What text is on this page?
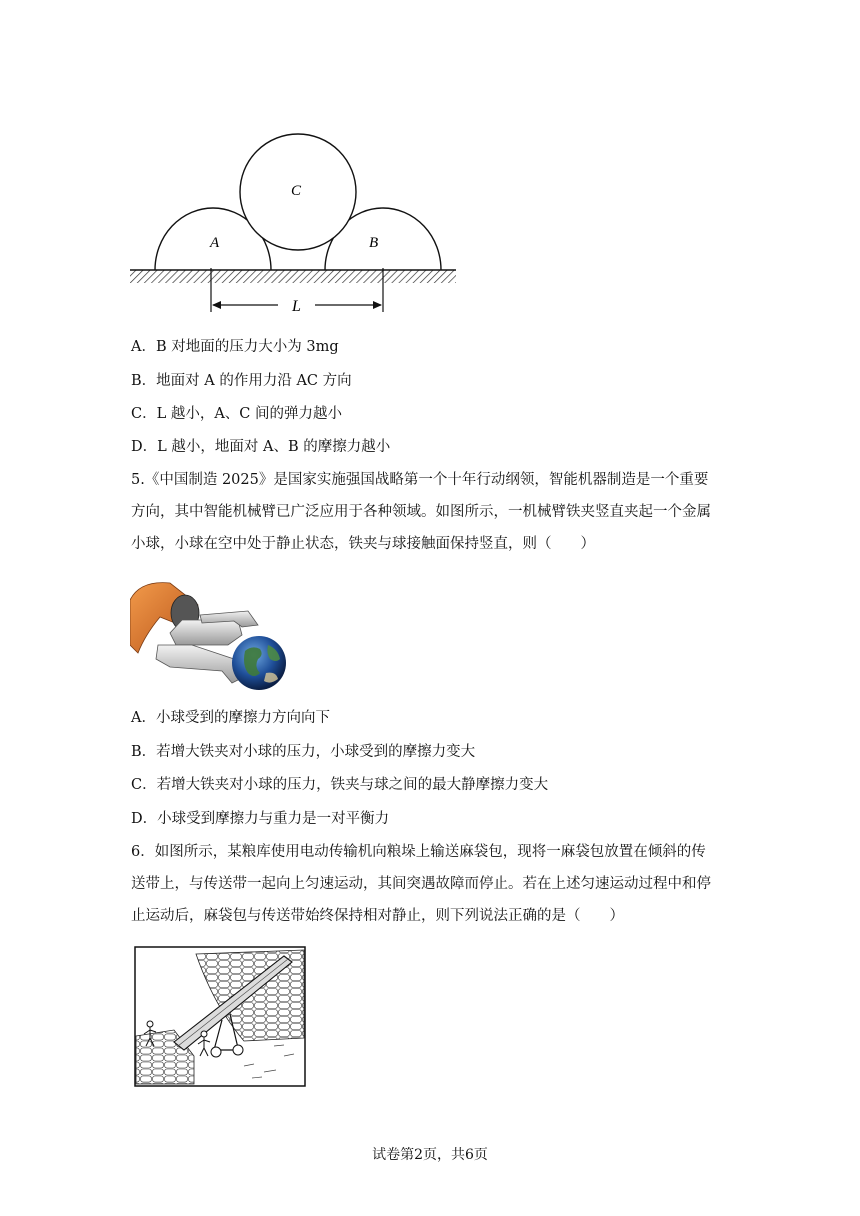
C
A	B
L
A．B 对地面的压力大小为 3mg
B．地面对 A 的作用力沿 AC 方向
C．L 越小，A、C 间的弹力越小
D．L 越小，地面对 A、B 的摩擦力越小
5.《中国制造 2025》是国家实施强国战略第一个十年行动纲领，智能机器制造是一个重要
方向，其中智能机械臂已广泛应用于各种领域。如图所示，一机械臂铁夹竖直夹起一个金属
小球，小球在空中处于静止状态，铁夹与球接触面保持竖直，则（　　）
A．小球受到的摩擦力方向向下
B．若增大铁夹对小球的压力，小球受到的摩擦力变大
C．若增大铁夹对小球的压力，铁夹与球之间的最大静摩擦力变大
D．小球受到摩擦力与重力是一对平衡力
6．如图所示，某粮库使用电动传输机向粮垛上输送麻袋包，现将一麻袋包放置在倾斜的传
送带上，与传送带一起向上匀速运动，其间突遇故障而停止。若在上述匀速运动过程中和停
止运动后，麻袋包与传送带始终保持相对静止，则下列说法正确的是（　　）
试卷第2页，共6页
